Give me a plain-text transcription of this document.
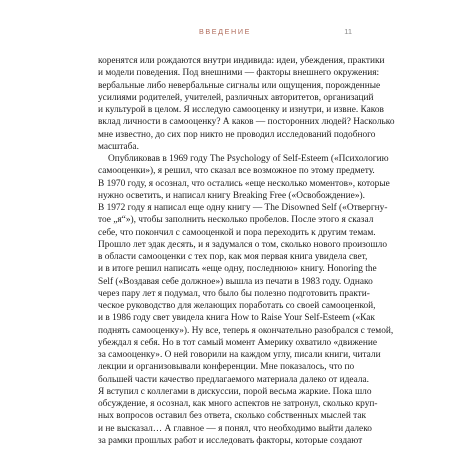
ВВЕДЕНИЕ	11
коренятся или рождаются внутри индивида: идеи, убеждения, практики
и модели поведения. Под внешними — факторы внешнего окружения:
вербальные либо невербальные сигналы или ощущения, порожденные
усилиями родителей, учителей, различных авторитетов, организаций
и культурой в целом. Я исследую самооценку и изнутри, и извне. Каков
вклад личности в самооценку? А каков — посторонних людей? Насколько
мне известно, до сих пор никто не проводил исследований подобного
масштаба.
Опубликовав в 1969 году The Psychology of Self-Esteem («Психологию
самооценки»), я решил, что сказал все возможное по этому предмету.
В 1970 году, я осознал, что остались «еще несколько моментов», которые
нужно осветить, и написал книгу Breaking Free («Освобождение»).
В 1972 году я написал еще одну книгу — The Disowned Self («Отвергну-
тое „я“»), чтобы заполнить несколько пробелов. После этого я сказал
себе, что покончил с самооценкой и пора переходить к другим темам.
Прошло лет эдак десять, и я задумался о том, сколько нового произошло
в области самооценки с тех пор, как моя первая книга увидела свет,
и в итоге решил написать «еще одну, последнюю» книгу. Honoring the
Self («Воздавая себе должное») вышла из печати в 1983 году. Однако
через пару лет я подумал, что было бы полезно подготовить практи-
ческое руководство для желающих поработать со своей самооценкой,
и в 1986 году свет увидела книга How to Raise Your Self-Esteem («Как
поднять самооценку»). Ну все, теперь я окончательно разобрался с темой,
убеждал я себя. Но в тот самый момент Америку охватило «движение
за самооценку». О ней говорили на каждом углу, писали книги, читали
лекции и организовывали конференции. Мне показалось, что по
большей части качество предлагаемого материала далеко от идеала.
Я вступил с коллегами в дискуссии, порой весьма жаркие. Пока шло
обсуждение, я осознал, как много аспектов не затронул, сколько круп-
ных вопросов оставил без ответа, сколько собственных мыслей так
и не высказал… А главное — я понял, что необходимо выйти далеко
за рамки прошлых работ и исследовать факторы, которые создают
